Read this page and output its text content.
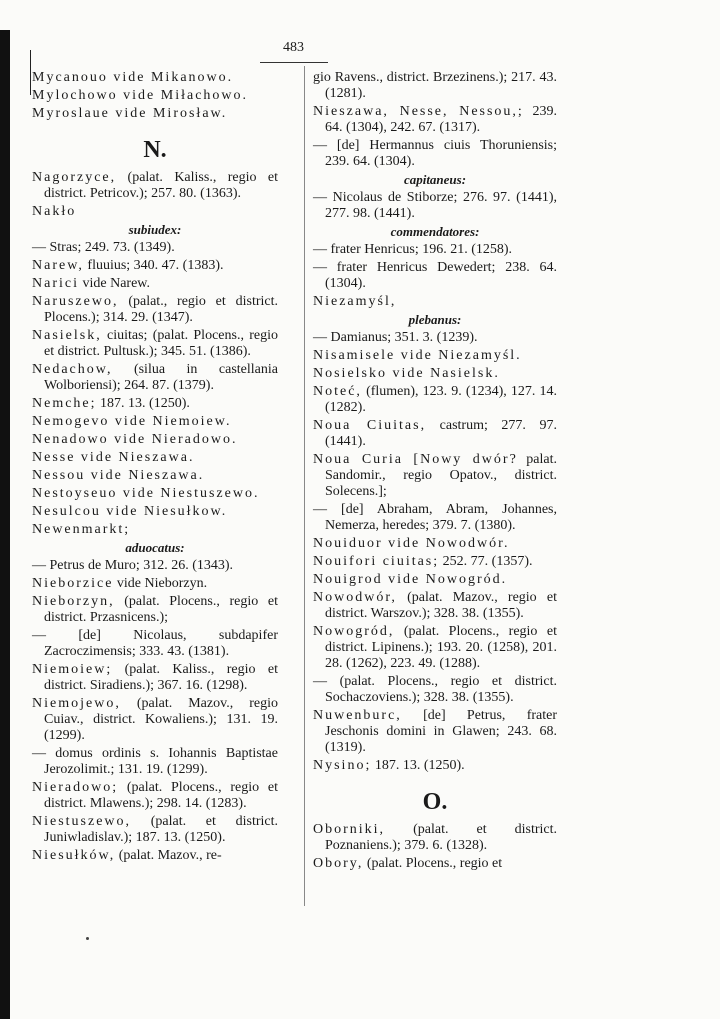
483
Mycanouo vide Mikanowo.
Mylochowo vide Miłachowo.
Myroslaue vide Mirosław.
N.
Nagorzyce, (palat. Kaliss., regio et district. Petricov.); 257. 80. (1363).
Nakło
subiudex:
— Stras; 249. 73. (1349).
Narew, fluuius; 340. 47. (1383).
Narici vide Narew.
Naruszewo, (palat., regio et district. Plocens.); 314. 29. (1347).
Nasielsk, ciuitas; (palat. Plocens., regio et district. Pultusk.); 345. 51. (1386).
Nedachow, (silua in castellania Wolboriensi); 264. 87. (1379).
Nemche; 187. 13. (1250).
Nemogevo vide Niemoiew.
Nenadowo vide Nieradowo.
Nesse vide Nieszawa.
Nessou vide Nieszawa.
Nestoyseuo vide Niestuszewo.
Nesulcou vide Niesułkow.
Newenmarkt;
aduocatus:
— Petrus de Muro; 312. 26. (1343).
Nieborzice vide Nieborzyn.
Nieborzyn, (palat. Plocens., regio et district. Przasnicens.);
— [de] Nicolaus, subdapifer Zacroczimensis; 333. 43. (1381).
Niemoiew; (palat. Kaliss., regio et district. Siradiens.); 367. 16. (1298).
Niemojewo, (palat. Mazov., regio Cuiav., district. Kowaliens.); 131. 19. (1299).
— domus ordinis s. Iohannis Baptistae Jerozolimit.; 131. 19. (1299).
Nieradowo; (palat. Plocens., regio et district. Mlawens.); 298. 14. (1283).
Niestuszewo, (palat. et district. Juniwladislav.); 187. 13. (1250).
Niesułków, (palat. Mazov., re-
gio Ravens., district. Brzezinens.); 217. 43. (1281).
Nieszawa, Nesse, Nessou,; 239. 64. (1304), 242. 67. (1317).
— [de] Hermannus ciuis Thoruniensis; 239. 64. (1304).
capitaneus:
— Nicolaus de Stiborze; 276. 97. (1441), 277. 98. (1441).
commendatores:
— frater Henricus; 196. 21. (1258).
— frater Henricus Dewedert; 238. 64. (1304).
Niezamyśl,
plebanus:
— Damianus; 351. 3. (1239).
Nisamisele vide Niezamyśl.
Nosielsko vide Nasielsk.
Noteć, (flumen), 123. 9. (1234), 127. 14. (1282).
Noua Ciuitas, castrum; 277. 97. (1441).
Noua Curia [Nowy dwór? palat. Sandomir., regio Opatov., district. Solecens.];
— [de] Abraham, Abram, Johannes, Nemerza, heredes; 379. 7. (1380).
Nouiduor vide Nowodwór.
Nouifori ciuitas; 252. 77. (1357).
Nouigrod vide Nowogród.
Nowodwór, (palat. Mazov., regio et district. Warszov.); 328. 38. (1355).
Nowogród, (palat. Plocens., regio et district. Lipinens.); 193. 20. (1258), 201. 28. (1262), 223. 49. (1288).
— (palat. Plocens., regio et district. Sochaczoviens.); 328. 38. (1355).
Nuwenburc, [de] Petrus, frater Jeschonis domini in Glawen; 243. 68. (1319).
Nysino; 187. 13. (1250).
O.
Oborniki, (palat. et district. Poznaniens.); 379. 6. (1328).
Obory, (palat. Plocens., regio et
